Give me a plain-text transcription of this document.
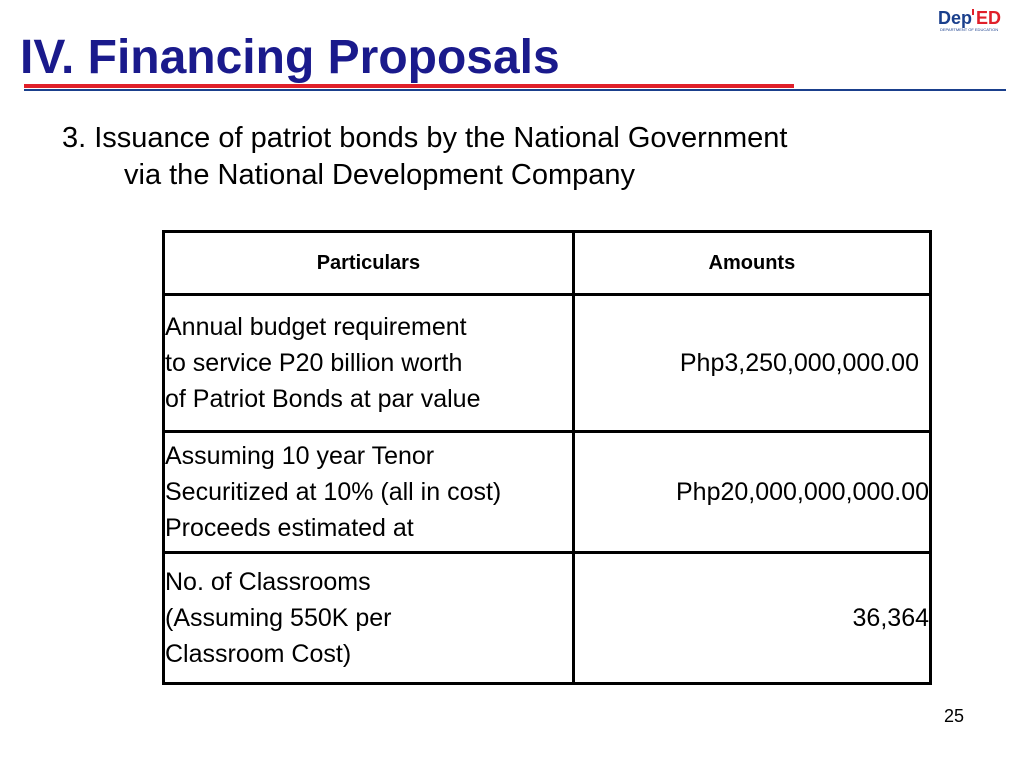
IV. Financing Proposals
Dep ED
DEPARTMENT OF EDUCATION

3. Issuance of patriot bonds by the National Government
via the National Development Company

Particulars	Amounts

Annual budget requirement
to service P20 billion worth
of Patriot Bonds at par value	Php3,250,000,000.00

Assuming 10 year Tenor
Securitized at 10% (all in cost)
Proceeds estimated at	Php20,000,000,000.00

No. of Classrooms
(Assuming 550K per
Classroom Cost)	36,364
25
